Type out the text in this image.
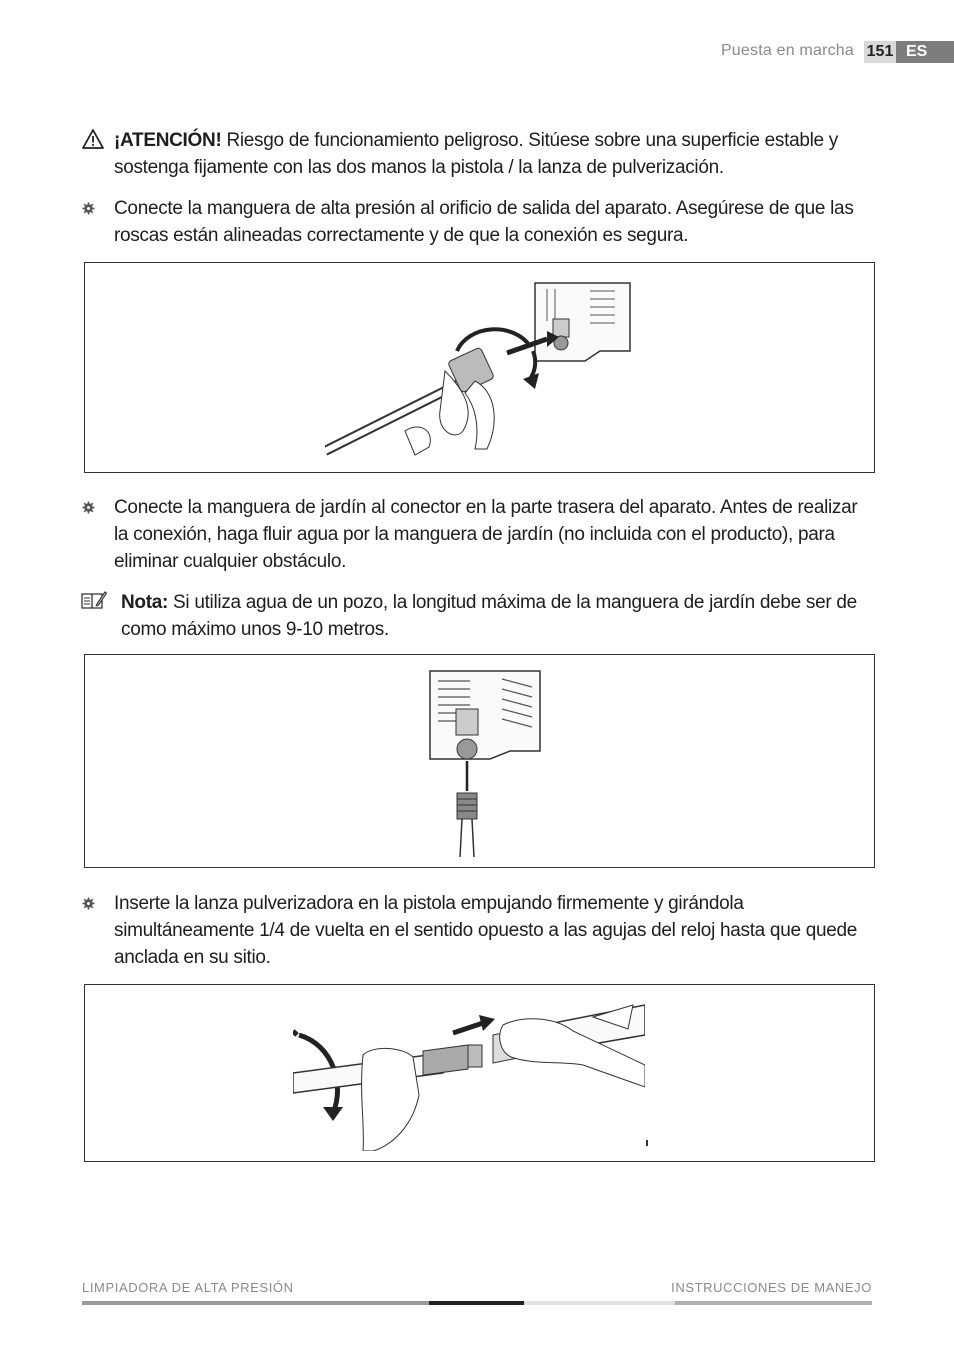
Puesta en marcha 151 ES
¡ATENCIÓN! Riesgo de funcionamiento peligroso. Sitúese sobre una superficie estable y sostenga fijamente con las dos manos la pistola / la lanza de pulverización.
Conecte la manguera de alta presión al orificio de salida del aparato. Asegúrese de que las roscas están alineadas correctamente y de que la conexión es segura.
Conecte la manguera de jardín al conector en la parte trasera del aparato. Antes de realizar la conexión, haga fluir agua por la manguera de jardín (no incluida con el producto), para eliminar cualquier obstáculo.
Nota: Si utiliza agua de un pozo, la longitud máxima de la manguera de jardín debe ser de como máximo unos 9-10 metros.
Inserte la lanza pulverizadora en la pistola empujando firmemente y girándola simultáneamente 1/4 de vuelta en el sentido opuesto a las agujas del reloj hasta que quede anclada en su sitio.
LIMPIADORA DE ALTA PRESIÓN	INSTRUCCIONES DE MANEJO
